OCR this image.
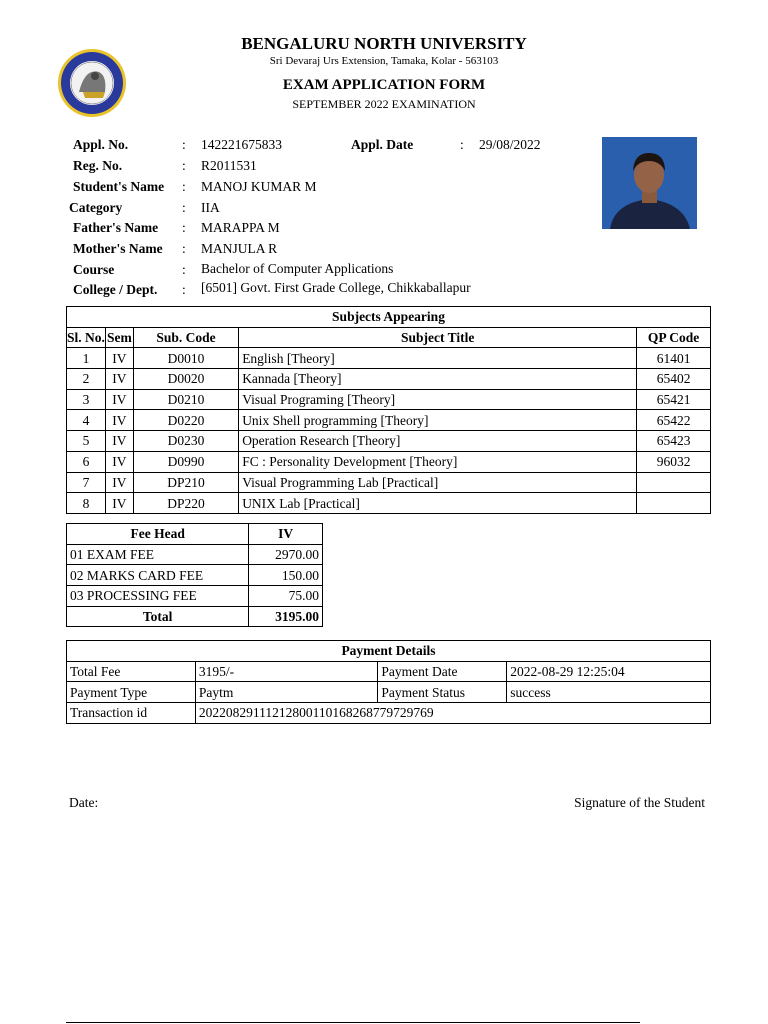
BENGALURU NORTH UNIVERSITY
Sri Devaraj Urs Extension, Tamaka, Kolar - 563103
EXAM APPLICATION FORM
SEPTEMBER 2022 EXAMINATION
Appl. No.	: 142221675833	Appl. Date	: 29/08/2022
Reg. No.	: R2011531
Student's Name : MANOJ KUMAR M
Category	: IIA
Father's Name : MARAPPA M
Mother's Name : MANJULA R
Course	: Bachelor of Computer Applications
College / Dept. : [6501] Govt. First Grade College, Chikkaballapur
Subjects Appearing				
Sl. No.	Sem	Sub. Code	Subject Title	QP Code
1	IV	D0010	English [Theory]	61401
2	IV	D0020	Kannada [Theory]	65402
3	IV	D0210	Visual Programing [Theory]	65421
4	IV	D0220	Unix Shell programming [Theory]	65422
5	IV	D0230	Operation Research [Theory]	65423
6	IV	D0990	FC : Personality Development [Theory]	96032
7	IV	DP210	Visual Programming Lab [Practical]	
8	IV	DP220	UNIX Lab [Practical]	
Fee Head	IV
01 EXAM FEE	2970.00
02 MARKS CARD FEE	150.00
03 PROCESSING FEE	75.00
Total	3195.00
Payment Details			
Total Fee	3195/-	Payment Date	2022-08-29 12:25:04
Payment Type	Paytm	Payment Status	success
Transaction id	20220829111212800110168268779729769		
Date:	Signature of the Student
